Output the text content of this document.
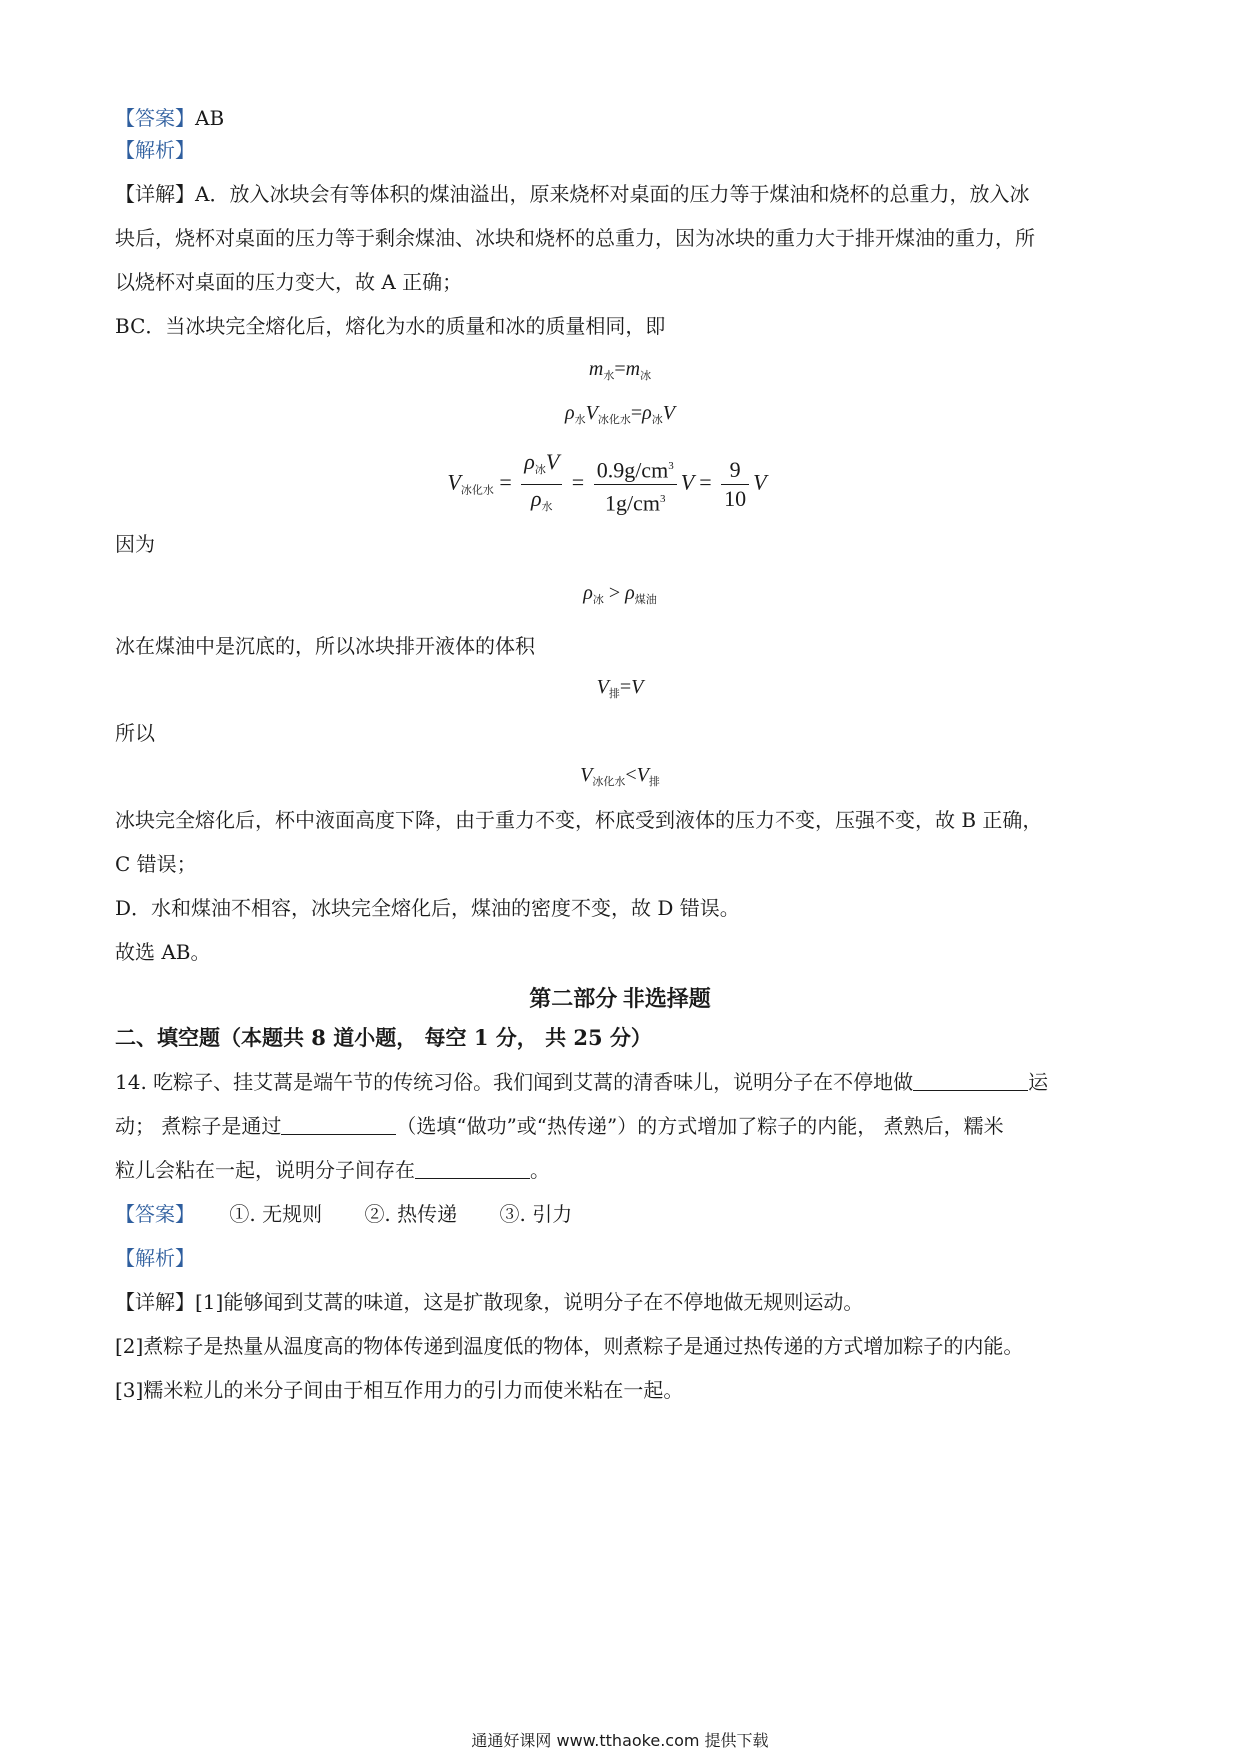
【答案】AB
【解析】
【详解】A．放入冰块会有等体积的煤油溢出，原来烧杯对桌面的压力等于煤油和烧杯的总重力，放入冰
块后，烧杯对桌面的压力等于剩余煤油、冰块和烧杯的总重力，因为冰块的重力大于排开煤油的重力，所
以烧杯对桌面的压力变大，故 A 正确；
BC．当冰块完全熔化后，熔化为水的质量和冰的质量相同，即
$m_水=m_冰$
$\rho_水V_{冰化水}=\rho_冰V$
$V_{冰化水} = \frac{\rho_冰V}{\rho_水} = \frac{0.9g/cm^3}{1g/cm^3}$ $V = \frac{9}{10}$ V
因为
$\rho_冰 > \rho_{煤油}$
冰在煤油中是沉底的，所以冰块排开液体的体积
$V_排=V$
所以
$V_{冰化水}<V_排$
冰块完全熔化后，杯中液面高度下降，由于重力不变，杯底受到液体的压力不变，压强不变，故 B 正确，
C 错误；
D．水和煤油不相容，冰块完全熔化后，煤油的密度不变，故 D 错误。
故选 AB。
第二部分 非选择题
二、填空题（本题共 8 道小题， 每空 1 分， 共 25 分）
14. 吃粽子、挂艾蒿是端午节的传统习俗。我们闻到艾蒿的清香味儿，说明分子在不停地做	运
动； 煮粽子是通过	（选填“做功”或“热传递”）的方式增加了粽子的内能， 煮熟后，糯米
粒儿会粘在一起，说明分子间存在	。
【答案】 ①. 无规则 ②. 热传递 ③. 引力
【解析】
【详解】[1]能够闻到艾蒿的味道，这是扩散现象，说明分子在不停地做无规则运动。
[2]煮粽子是热量从温度高的物体传递到温度低的物体，则煮粽子是通过热传递的方式增加粽子的内能。
[3]糯米粒儿的米分子间由于相互作用力的引力而使米粘在一起。
通通好课网 www.tthaoke.com 提供下载
